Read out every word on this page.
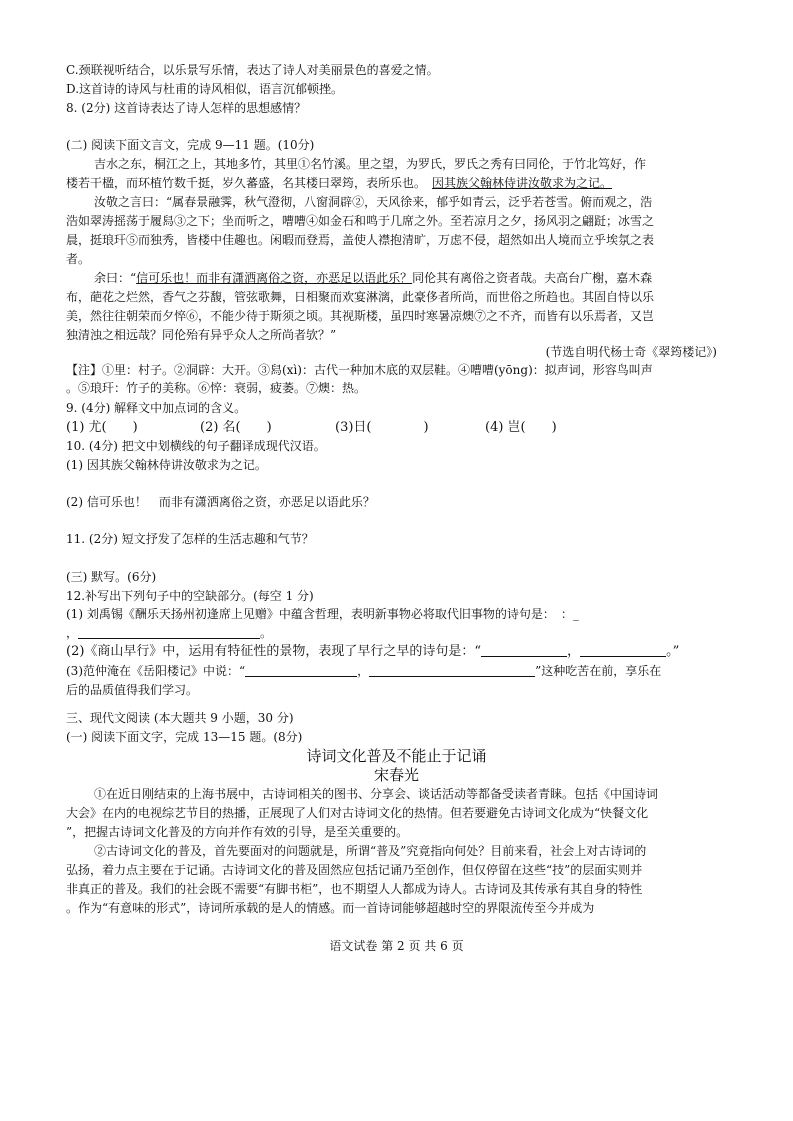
C.颈联视听结合，以乐景写乐情，表达了诗人对美丽景色的喜爱之情。
D.这首诗的诗风与杜甫的诗风相似，语言沉郁顿挫。
8. (2分) 这首诗表达了诗人怎样的思想感情？
(二) 阅读下面文言文，完成 9—11 题。(10分)
吉水之东，桐江之上，其地多竹，其里①名竹溪。里之望，为罗氏，罗氏之秀有曰同伦，于竹北笃好，作
楼若干楹，而环植竹数千挺，岁久蕃盛，名其楼曰翠筠，表所乐也。　 因其族父翰林侍讲汝敬求为之记。
汝敬之言曰：“属春景融霁，秋气澄彻，八窗洞辟②，天风徐来，郁乎如青云，泛乎若苍雪。俯而观之，浩
浩如翠涛摇荡于履舄③之下；坐而听之，嘈嘈④如金石和鸣于几席之外。至若凉月之夕，扬风羽之翩跹；冰雪之
晨，挺琅玕⑤而独秀，皆楼中佳趣也。闲暇而登焉，盖使人襟抱清旷，万虑不侵，超然如出人境而立乎埃氛之表
者。
余曰：“信可乐也！而非有潇洒离俗之资，亦恶足以语此乐？同伦其有离俗之资者哉。夫高台广榭，嘉木森
布，葩花之烂然，香气之芬馥，管弦歌舞，日相聚而欢宴淋漓，此豪侈者所尚，而世俗之所趋也。其固自恃以乐
美，然往往朝荣而夕悴⑥，不能少待于斯须之顷。其视斯楼，虽四时寒暑凉燠⑦之不齐，而皆有以乐焉者，又岂
独清浊之相远哉？同伦殆有异乎众人之所尚者欤？”
(节选自明代杨士奇《翠筠楼记》)
【注】①里：村子。②洞辟：大开。③舄(xì)：古代一种加木底的双层鞋。④嘈嘈(yōng)：拟声词，形容鸟叫声
。⑤琅玕：竹子的美称。⑥悴：衰弱，疲萎。⑦燠：热。
9. (4分) 解释文中加点词的含义。
(1) 尤(　　)	(2) 名(　　)	(3)日(　　　　)	(4) 岂(　　)
10. (4分) 把文中划横线的句子翻译成现代汉语。
(1) 因其族父翰林侍讲汝敬求为之记。
(2) 信可乐也！　而非有潇洒离俗之资，亦恶足以语此乐？
11. (2分) 短文抒发了怎样的生活志趣和气节？
(三) 默写。(6分)
12.补写出下列句子中的空缺部分。(每空 1 分)
(1) 刘禹锡《酬乐天扬州初逢席上见赠》中蕴含哲理，表明新事物必将取代旧事物的诗句是：　 ：_
，	。
(2)《商山早行》中，运用有特征性的景物，表现了早行之早的诗句是：“	，	。”
(3)范仲淹在《岳阳楼记》中说：“	，	”这种吃苦在前，享乐在
后的品质值得我们学习。
三、现代文阅读 (本大题共 9 小题，30 分)
(一) 阅读下面文字，完成 13—15 题。(8分)
诗词文化普及不能止于记诵
宋春光
①在近日刚结束的上海书展中，古诗词相关的图书、分享会、谈话活动等都备受读者青睐。包括《中国诗词
大会》在内的电视综艺节目的热播，正展现了人们对古诗词文化的热情。但若要避免古诗词文化成为“快餐文化
”，把握古诗词文化普及的方向并作有效的引导，是至关重要的。
②古诗词文化的普及，首先要面对的问题就是，所谓“普及”究竟指向何处？目前来看，社会上对古诗词的
弘扬，着力点主要在于记诵。古诗词文化的普及固然应包括记诵乃至创作，但仅停留在这些“技”的层面实则并
非真正的普及。我们的社会既不需要“有脚书柜”，也不期望人人都成为诗人。古诗词及其传承有其自身的特性
。作为“有意味的形式”，诗词所承载的是人的情感。而一首诗词能够超越时空的界限流传至今并成为
语文试卷 第 2 页 共 6 页
